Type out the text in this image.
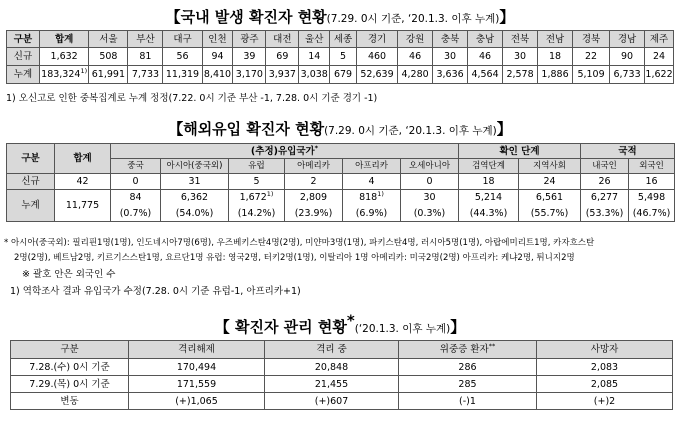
【국내 발생 확진자 현황(7.29. 0시 기준, ‘20.1.3. 이후 누계)】
구분	합계	서울	부산	대구	인천	광주	대전	울산	세종	경기	강원	충북	충남	전북	전남	경북	경남	제주
신규	1,632	508	81	56	94	39	69	14	5	460	46	30	46	30	18	22	90	24
누계	183,324$^{1)}$	61,991	7,733	11,319	8,410	3,170	3,937	3,038	679	52,639	4,280	3,636	4,564	2,578	1,886	5,109	6,733	1,622
1) 오신고로 인한 중복집계로 누계 정정(7.22. 0시 기준 부산 -1, 7.28. 0시 기준 경기 -1)
【해외유입 확진자 현황(7.29. 0시 기준, ‘20.1.3. 이후 누계)】
구분	합계	(추정)유입국가*						확인 단계		국적	
		중국	아시아(중국외)	유럽	아메리카	아프리카	오세아니아	검역단계	지역사회	내국인	외국인
신규	42	0	31	5	2	4	0	18	24	26	16
누계	11,775	84	6,362	1,672$^{1)}$	2,809	818$^{1)}$	30	5,214	6,561	6,277	5,498
		(0.7%)	(54.0%)	(14.2%)	(23.9%)	(6.9%)	(0.3%)	(44.3%)	(55.7%)	(53.3%)	(46.7%)
* 아시아(중국외): 필리핀1명(1명), 인도네시아7명(6명), 우즈베키스탄4명(2명), 미얀마3명(1명), 파키스탄4명, 러시아5명(1명), 아랍에미리트1명, 카자흐스탄
2명(2명), 베트남2명, 키르기스스탄1명, 요르단1명 유럽: 영국2명, 터키2명(1명), 이탈리아 1명 아메리카: 미국2명(2명) 아프리카: 케냐2명, 튀니지2명
※ 괄호 안은 외국인 수
1) 역학조사 결과 유입국가 수정(7.28. 0시 기준 유럽-1, 아프리카+1)
【 확진자 관리 현황*(‘20.1.3. 이후 누계)】
구분	격리해제	격리 중	위중증 환자**	사망자
7.28.(수) 0시 기준	170,494	20,848	286	2,083
7.29.(목) 0시 기준	171,559	21,455	285	2,085
변동	(+)1,065	(+)607	(-)1	(+)2
